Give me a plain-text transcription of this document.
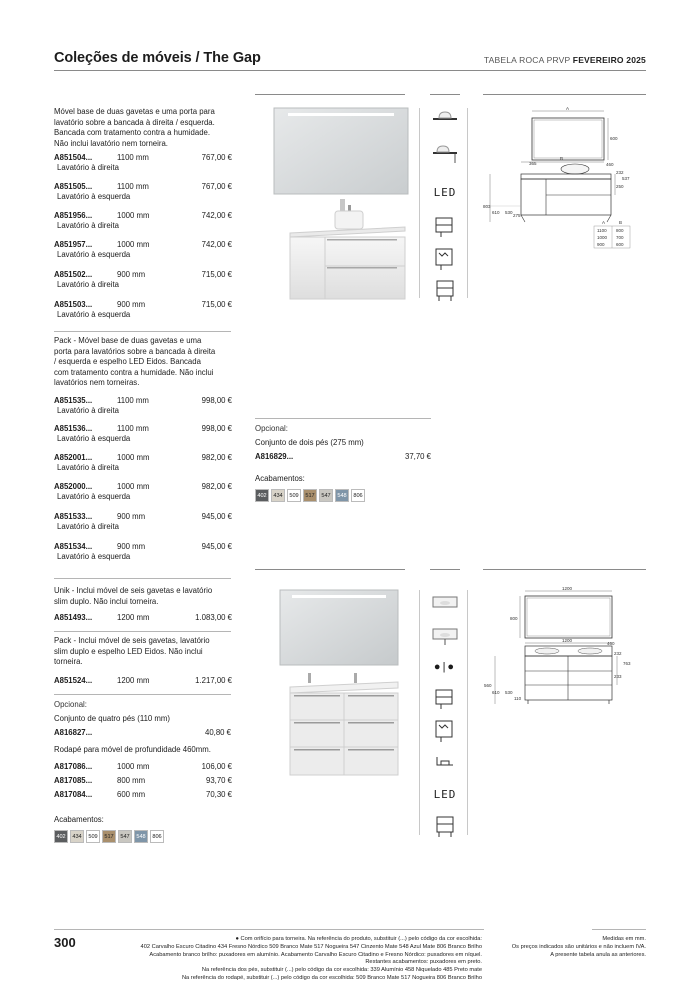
Coleções de móveis / The Gap	TABELA ROCA PRVP FEVEREIRO 2025
Móvel base de duas gavetas e uma porta para
lavatório sobre a bancada à direita / esquerda.
Bancada com tratamento contra a humidade.
Não inclui lavatório nem torneira.
A851504...	1100 mm	767,00 €
Lavatório à direita
A851505...	1100 mm	767,00 €
Lavatório à esquerda
A851956...	1000 mm	742,00 €
Lavatório à direita
A851957...	1000 mm	742,00 €
Lavatório à esquerda
A851502...	900 mm	715,00 €
Lavatório à direita
A851503...	900 mm	715,00 €
Lavatório à esquerda
Pack - Móvel base de duas gavetas e uma
porta para lavatórios sobre a bancada à direita
/ esquerda e espelho LED Eidos. Bancada
com tratamento contra a humidade. Não inclui
lavatórios nem torneiras.
A851535...	1100 mm	998,00 €
Lavatório à direita
A851536...	1100 mm	998,00 €
Lavatório à esquerda
A852001...	1000 mm	982,00 €
Lavatório à direita
A852000...	1000 mm	982,00 €
Lavatório à esquerda
A851533...	900 mm	945,00 €
Lavatório à direita
A851534...	900 mm	945,00 €
Lavatório à esquerda
LED
A
600
B
365	460
232
537
250
803
610 530
275
A	B
1100 800
1000 700
900	600
Opcional:
Conjunto de dois pés (275 mm)
A816829...	37,70 €
Acabamentos:
402	434	509	517	547	548	806
Unik - Inclui móvel de seis gavetas e lavatório
slim duplo. Não inclui torneira.
A851493...	1200 mm	1.083,00 €
Pack - Inclui móvel de seis gavetas, lavatório
slim duplo e espelho LED Eidos. Não inclui
torneira.
A851524...	1200 mm	1.217,00 €
Opcional:
Conjunto de quatro pés (110 mm)
A816827...	40,80 €
Rodapé para móvel de profundidade 460mm.
A817086...	1000 mm	106,00 €
A817085...	800 mm	93,70 €
A817084...	600 mm	70,30 €
Acabamentos:
402	434	509	517	547	548	806
●|●
LED
1200
800
1200
460
232
763
233
560
610 530
110
300	● Com orifício para torneira. Na referência do produto, substituir (...) pelo código da cor escolhida:
402 Carvalho Escuro Citadino 434 Fresno Nórdico 509 Branco Mate 517 Nogueira 547 Cinzento Mate 548 Azul Mate 806 Branco Brilho
Acabamento branco brilho: puxadores em alumínio. Acabamento Carvalho Escuro Citadino e Fresno Nórdico: puxadores em níquel.
Restantes acabamentos: puxadores em preto.
Na referência dos pés, substituir (...) pelo código da cor escolhida: 339 Alumínio 458 Niquelado 485 Preto mate
Na referência do rodapé, substituir (...) pelo código da cor escolhida: 509 Branco Mate 517 Nogueira 806 Branco Brilho
Medidas em mm.
Os preços indicados são unitários e não incluem IVA.
A presente tabela anula as anteriores.
